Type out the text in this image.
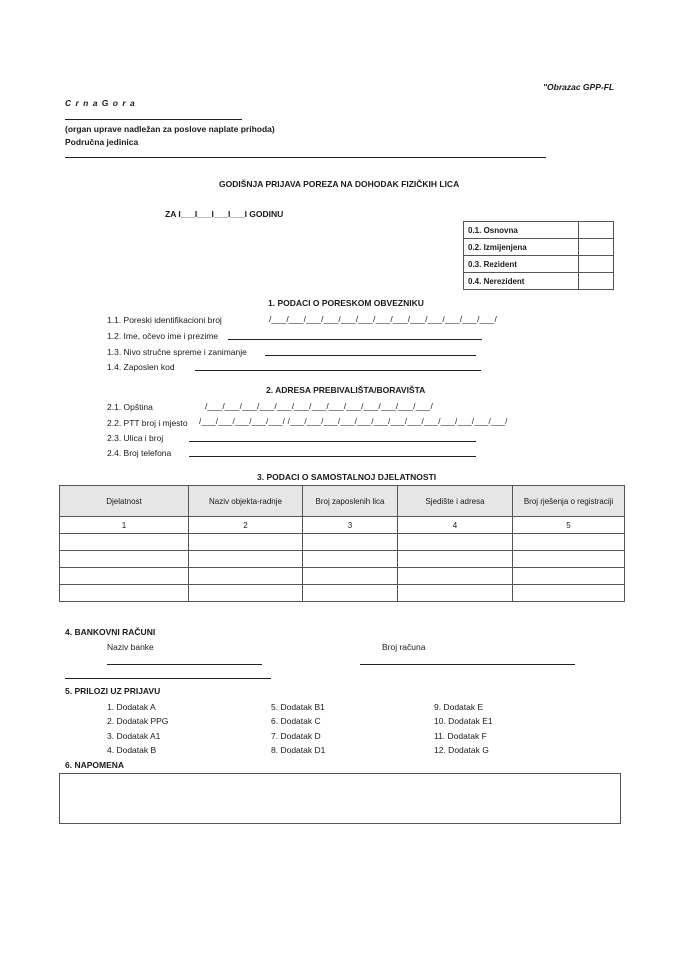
"Obrazac GPP-FL
C r n a G o r a
(organ uprave nadležan za poslove naplate prihoda)
Područna jedinica
GODIŠNJA PRIJAVA POREZA NA DOHODAK FIZIČKIH LICA
ZA I___I___I___I___I GODINU
0.1. Osnovna	
0.2. Izmijenjena	
0.3. Rezident	
0.4. Nerezident	
1. PODACI O PORESKOM OBVEZNIKU
1.1. Poreski identifikacioni broj	/___/___/___/___/___/___/___/___/___/___/___/___/___/
1.2. Ime, očevo ime i prezime
1.3. Nivo stručne spreme i zanimanje
1.4. Zaposlen kod
2. ADRESA PREBIVALIŠTA/BORAVIŠTA
2.1. Opština	/___/___/___/___/___/___/___/___/___/___/___/___/___/
2.2. PTT broj i mjesto /___/___/___/___/___/ /___/___/___/___/___/___/___/___/___/___/___/___/___/
2.3. Ulica i broj
2.4. Broj telefona
3. PODACI O SAMOSTALNOJ DJELATNOSTI
Djelatnost	Naziv objekta-radnje	Broj zaposlenih lica	Sjedište i adresa	Broj rješenja o registraciji
1	2	3	4	5

4. BANKOVNI RAČUNI
Naziv banke	Broj računa
5. PRILOZI UZ PRIJAVU
1. Dodatak A
2. Dodatak PPG
3. Dodatak A1
4. Dodatak B
5. Dodatak B1
6. Dodatak C
7. Dodatak D
8. Dodatak D1
9. Dodatak E
10. Dodatak E1
11. Dodatak F
12. Dodatak G
6. NAPOMENA
